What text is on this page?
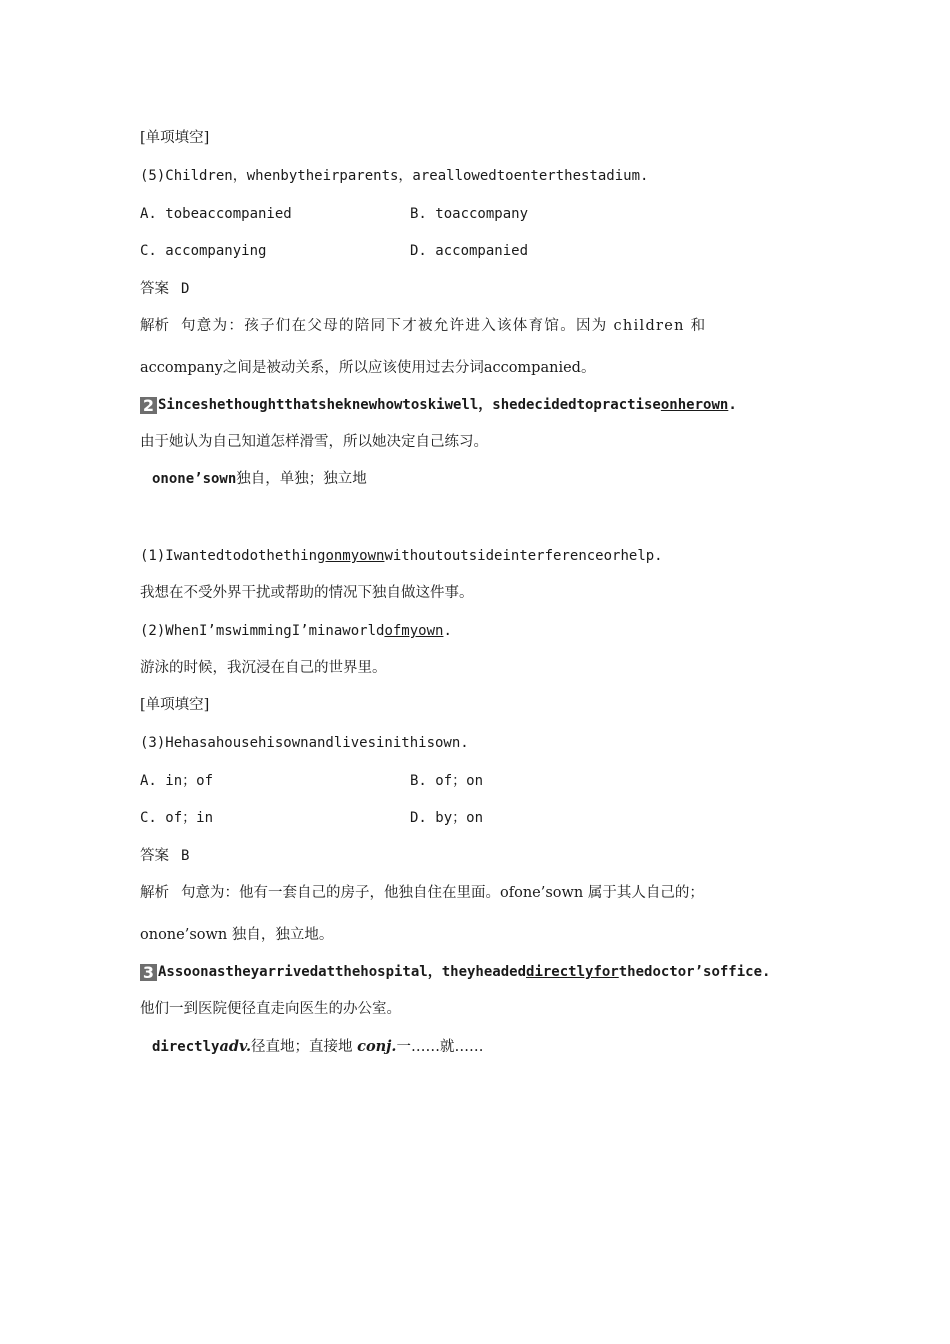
[单项填空]
(5)Children，whenbytheirparents，areallowedtoenterthestadium.
A. tobeaccompanied	B. toaccompany
C. accompanying	D. accompanied
答案 D
解析 句意为：孩子们在父母的陪同下才被允许进入该体育馆。因为 children 和
accompany之间是被动关系，所以应该使用过去分词accompanied。
2 Sinceshethoughtthatsheknewhowtoskiwell，shedecidedtopractiseonherown.
由于她认为自己知道怎样滑雪，所以她决定自己练习。
onone’sown独自，单独；独立地
(1)Iwantedtodothethingonmyownwithoutoutsideinterferenceorhelp.
我想在不受外界干扰或帮助的情况下独自做这件事。
(2)WhenI’mswimmingI’minaworldofmyown.
游泳的时候，我沉浸在自己的世界里。
[单项填空]
(3)Hehasahousehisownandlivesinithisown.
A. in；of	B. of；on
C. of；in	D. by；on
答案 B
解析 句意为：他有一套自己的房子，他独自住在里面。ofone’sown 属于其人自己的；
onone’sown 独自，独立地。
3 Assoonastheyarrivedatthehospital，theyheadeddirectlyforthedoctor’soffice.
他们一到医院便径直走向医生的办公室。
directlyadv.径直地；直接地 conj.一……就……
